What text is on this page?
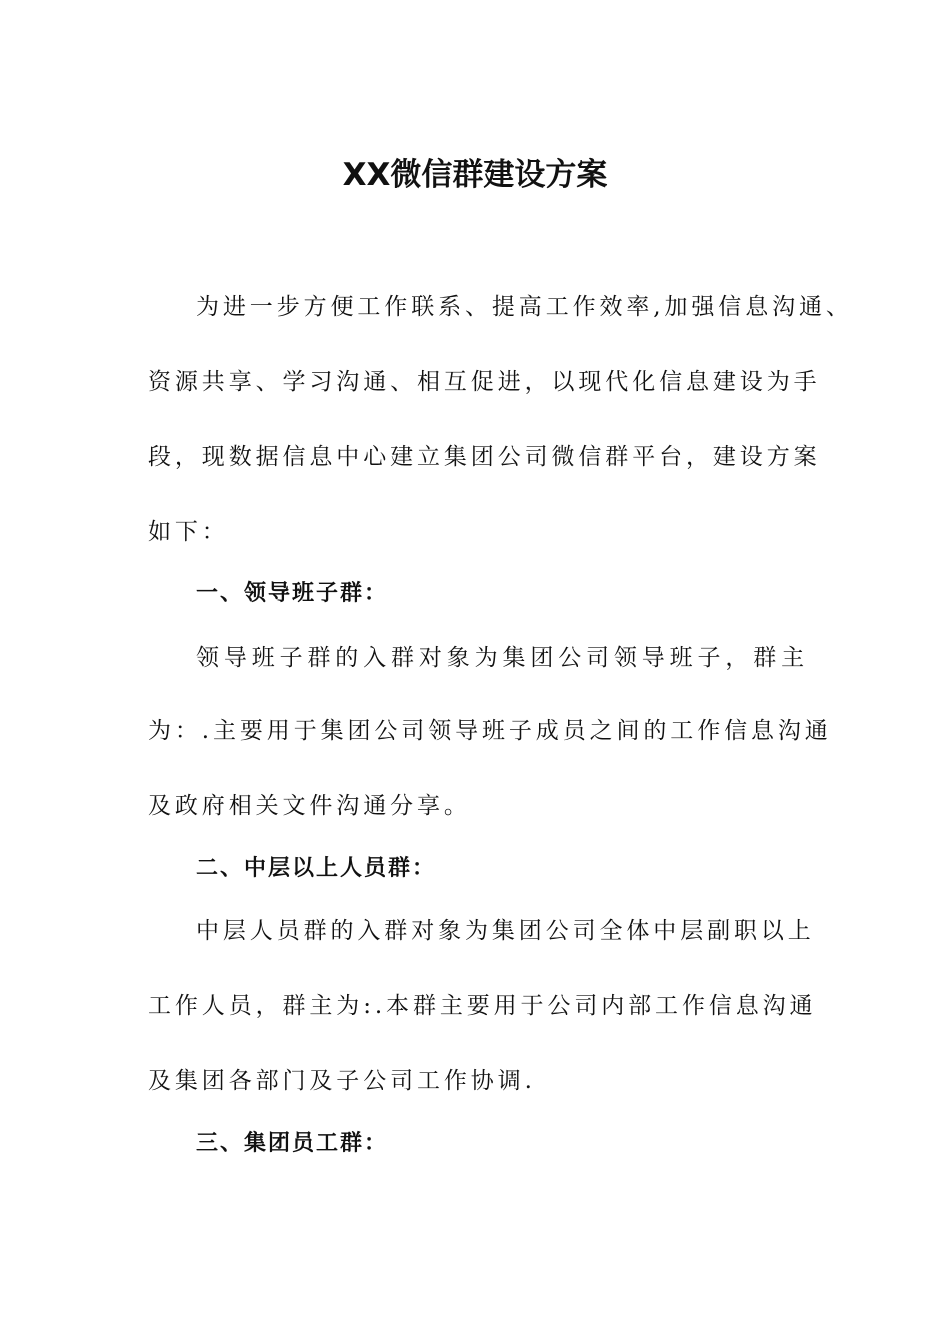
XX微信群建设方案

为进一步方便工作联系、提高工作效率,加强信息沟通、

资源共享、学习沟通、相互促进，以现代化信息建设为手

段，现数据信息中心建立集团公司微信群平台，建设方案

如下：

一、领导班子群：

领导班子群的入群对象为集团公司领导班子，群主

为：.主要用于集团公司领导班子成员之间的工作信息沟通

及政府相关文件沟通分享。

二、中层以上人员群：

中层人员群的入群对象为集团公司全体中层副职以上

工作人员，群主为:.本群主要用于公司内部工作信息沟通

及集团各部门及子公司工作协调.

三、集团员工群：
